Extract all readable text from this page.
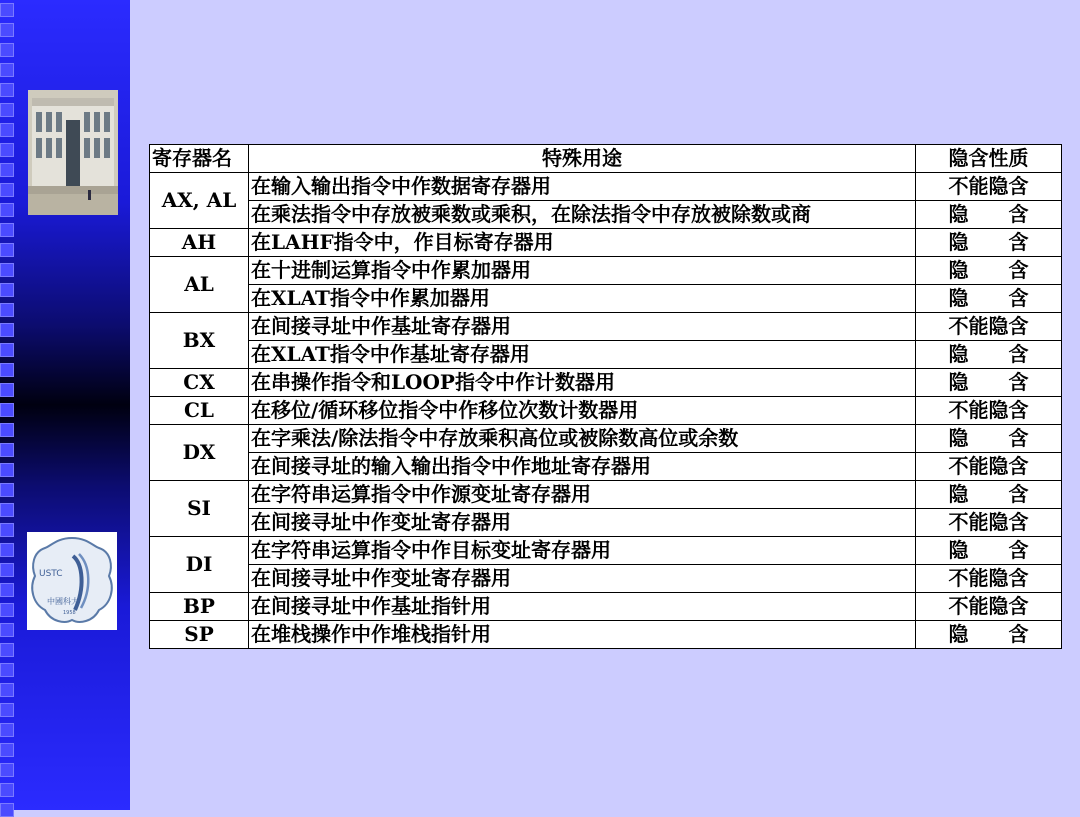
USTC
中國科大
1958
寄存器名	特殊用途	隐含性质
AX, AL	在输入输出指令中作数据寄存器用	不能隐含
	在乘法指令中存放被乘数或乘积，在除法指令中存放被除数或商	隐　　含
AH	在LAHF指令中，作目标寄存器用	隐　　含
AL	在十进制运算指令中作累加器用	隐　　含
	在XLAT指令中作累加器用	隐　　含
BX	在间接寻址中作基址寄存器用	不能隐含
	在XLAT指令中作基址寄存器用	隐　　含
CX	在串操作指令和LOOP指令中作计数器用	隐　　含
CL	在移位/循环移位指令中作移位次数计数器用	不能隐含
DX	在字乘法/除法指令中存放乘积高位或被除数高位或余数	隐　　含
	在间接寻址的输入输出指令中作地址寄存器用	不能隐含
SI	在字符串运算指令中作源变址寄存器用	隐　　含
	在间接寻址中作变址寄存器用	不能隐含
DI	在字符串运算指令中作目标变址寄存器用	隐　　含
	在间接寻址中作变址寄存器用	不能隐含
BP	在间接寻址中作基址指针用	不能隐含
SP	在堆栈操作中作堆栈指针用	隐　　含
